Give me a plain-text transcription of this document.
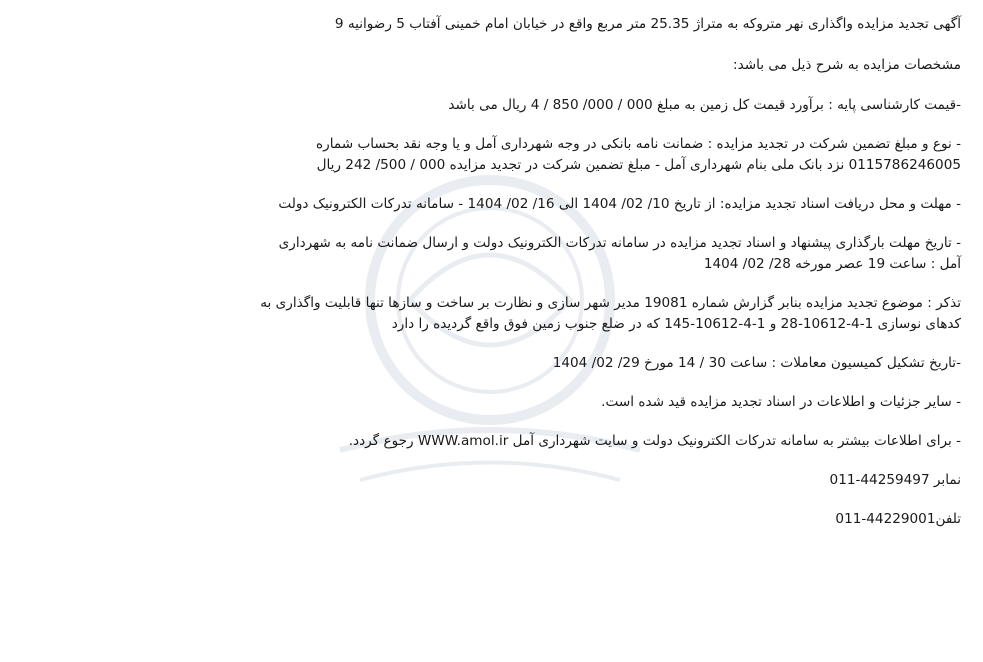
آگهی تجدید مزایده واگذاری نهر متروکه به متراژ 25.35 متر مربع واقع در خیابان امام خمینی آفتاب 5 رضوانیه 9

مشخصات مزایده به شرح ذیل می باشد:

-قیمت کارشناسی پایه : برآورد قیمت کل زمین به مبلغ 000 / 000/ 850 / 4 ریال می باشد

- نوع و مبلغ تضمین شرکت در تجدید مزایده : ضمانت نامه بانکی در وجه شهرداری آمل و یا وجه نقد بحساب شماره
0115786246005 نزد بانک ملی بنام شهرداری آمل - مبلغ تضمین شرکت در تجدید مزایده 000 / 500/ 242 ریال

- مهلت و محل دریافت اسناد تجدید مزایده: از تاریخ 10/ 02/ 1404 الی 16/ 02/ 1404 - سامانه تدرکات الکترونیک دولت

- تاریخ مهلت بارگذاری پیشنهاد و اسناد تجدید مزایده در سامانه تدرکات الکترونیک دولت و ارسال ضمانت نامه به شهرداری
آمل : ساعت 19 عصر مورخه 28/ 02/ 1404
تذکر : موضوع تجدید مزایده بنابر گزارش شماره 19081 مدیر شهر سازی و نظارت بر ساخت و سازها تنها قابلیت واگذاری به
کدهای نوسازی 1-4-10612-28 و 1-4-10612-145 که در ضلع جنوب زمین فوق واقع گردیده را دارد

-تاریخ تشکیل کمیسیون معاملات : ساعت 30 / 14 مورخ 29/ 02/ 1404

- سایر جزئیات و اطلاعات در اسناد تجدید مزایده قید شده است.

- برای اطلاعات بیشتر به سامانه تدرکات الکترونیک دولت و سایت شهرداری آمل WWW.amol.ir رجوع گردد.

نمابر 44259497-011

تلفن44229001-011
